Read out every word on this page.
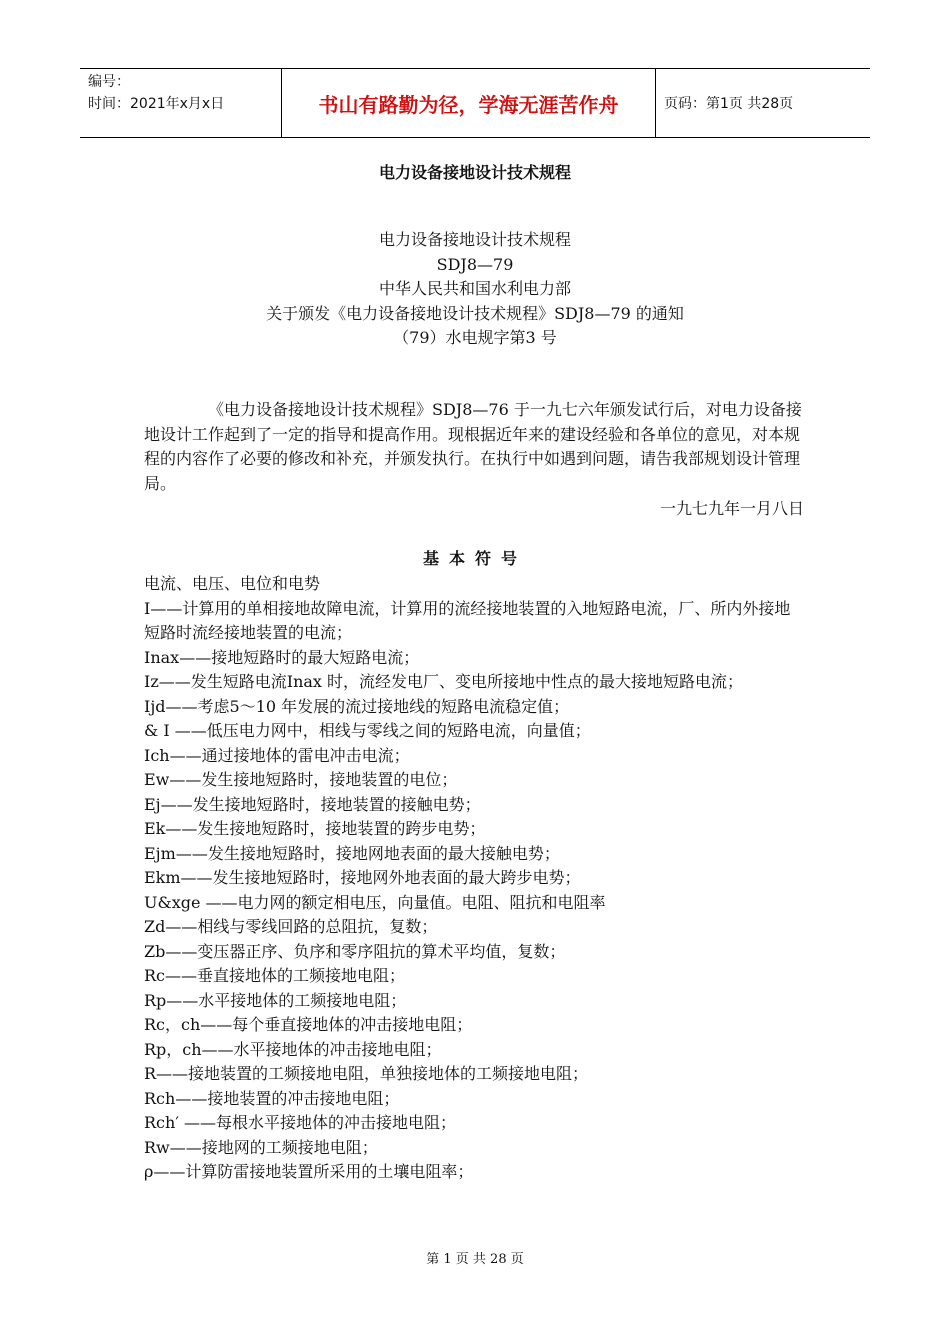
编号：
时间：2021年x月x日	书山有路勤为径，学海无涯苦作舟	页码：第1页 共28页
电力设备接地设计技术规程
电力设备接地设计技术规程
SDJ8—79
中华人民共和国水利电力部
关于颁发《电力设备接地设计技术规程》SDJ8—79 的通知
（79）水电规字第3 号
《电力设备接地设计技术规程》SDJ8—76 于一九七六年颁发试行后，对电力设备接地设计工作起到了一定的指导和提高作用。现根据近年来的建设经验和各单位的意见，对本规程的内容作了必要的修改和补充，并颁发执行。在执行中如遇到问题，请告我部规划设计管理局。
一九七九年一月八日
基本符号
电流、电压、电位和电势
I——计算用的单相接地故障电流，计算用的流经接地装置的入地短路电流，厂、所内外接地短路时流经接地装置的电流；
Inax——接地短路时的最大短路电流；
Iz——发生短路电流Inax 时，流经发电厂、变电所接地中性点的最大接地短路电流；
Ijd——考虑5～10 年发展的流过接地线的短路电流稳定值；
& I ——低压电力网中，相线与零线之间的短路电流，向量值；
Ich——通过接地体的雷电冲击电流；
Ew——发生接地短路时，接地装置的电位；
Ej——发生接地短路时，接地装置的接触电势；
Ek——发生接地短路时，接地装置的跨步电势；
Ejm——发生接地短路时，接地网地表面的最大接触电势；
Ekm——发生接地短路时，接地网外地表面的最大跨步电势；
U&xge ——电力网的额定相电压，向量值。电阻、阻抗和电阻率
Zd——相线与零线回路的总阻抗，复数；
Zb——变压器正序、负序和零序阻抗的算术平均值，复数；
Rc——垂直接地体的工频接地电阻；
Rp——水平接地体的工频接地电阻；
Rc，ch——每个垂直接地体的冲击接地电阻；
Rp，ch——水平接地体的冲击接地电阻；
R——接地装置的工频接地电阻，单独接地体的工频接地电阻；
Rch——接地装置的冲击接地电阻；
Rch′ ——每根水平接地体的冲击接地电阻；
Rw——接地网的工频接地电阻；
ρ——计算防雷接地装置所采用的土壤电阻率；
第 1 页 共 28 页
